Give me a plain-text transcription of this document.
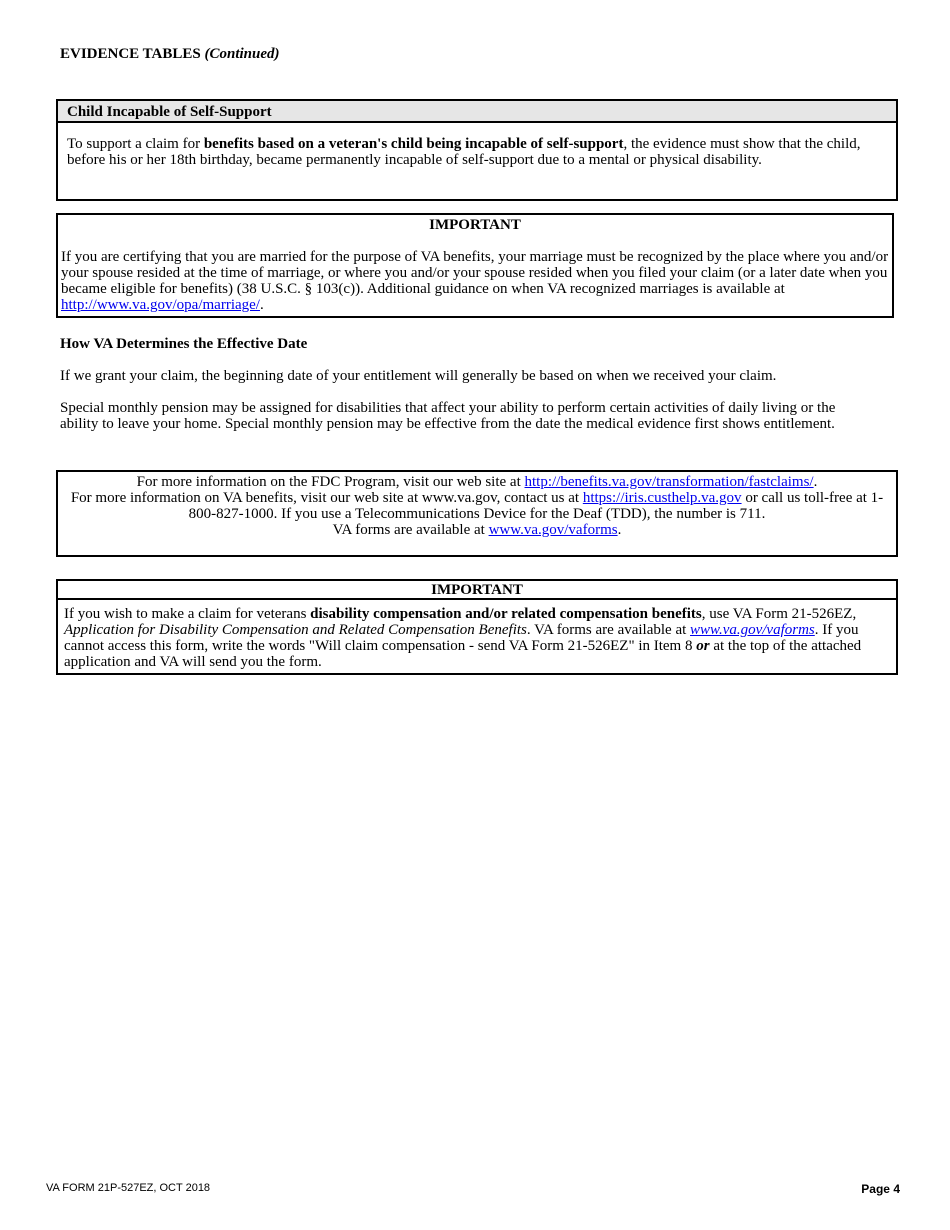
EVIDENCE TABLES (Continued)
Child Incapable of Self-Support
To support a claim for benefits based on a veteran's child being incapable of self-support, the evidence must show that the child, before his or her 18th birthday, became permanently incapable of self-support due to a mental or physical disability.
IMPORTANT
If you are certifying that you are married for the purpose of VA benefits, your marriage must be recognized by the place where you and/or your spouse resided at the time of marriage, or where you and/or your spouse resided when you filed your claim (or a later date when you became eligible for benefits) (38 U.S.C. § 103(c)). Additional guidance on when VA recognized marriages is available at http://www.va.gov/opa/marriage/.
How VA Determines the Effective Date
If we grant your claim, the beginning date of your entitlement will generally be based on when we received your claim.
Special monthly pension may be assigned for disabilities that affect your ability to perform certain activities of daily living or the ability to leave your home. Special monthly pension may be effective from the date the medical evidence first shows entitlement.
For more information on the FDC Program, visit our web site at http://benefits.va.gov/transformation/fastclaims/.
For more information on VA benefits, visit our web site at www.va.gov, contact us at https://iris.custhelp.va.gov or call us toll-free at 1-800-827-1000. If you use a Telecommunications Device for the Deaf (TDD), the number is 711.
VA forms are available at www.va.gov/vaforms.
IMPORTANT
If you wish to make a claim for veterans disability compensation and/or related compensation benefits, use VA Form 21-526EZ, Application for Disability Compensation and Related Compensation Benefits. VA forms are available at www.va.gov/vaforms. If you cannot access this form, write the words "Will claim compensation - send VA Form 21-526EZ" in Item 8 or at the top of the attached application and VA will send you the form.
VA FORM 21P-527EZ, OCT 2018	Page 4
